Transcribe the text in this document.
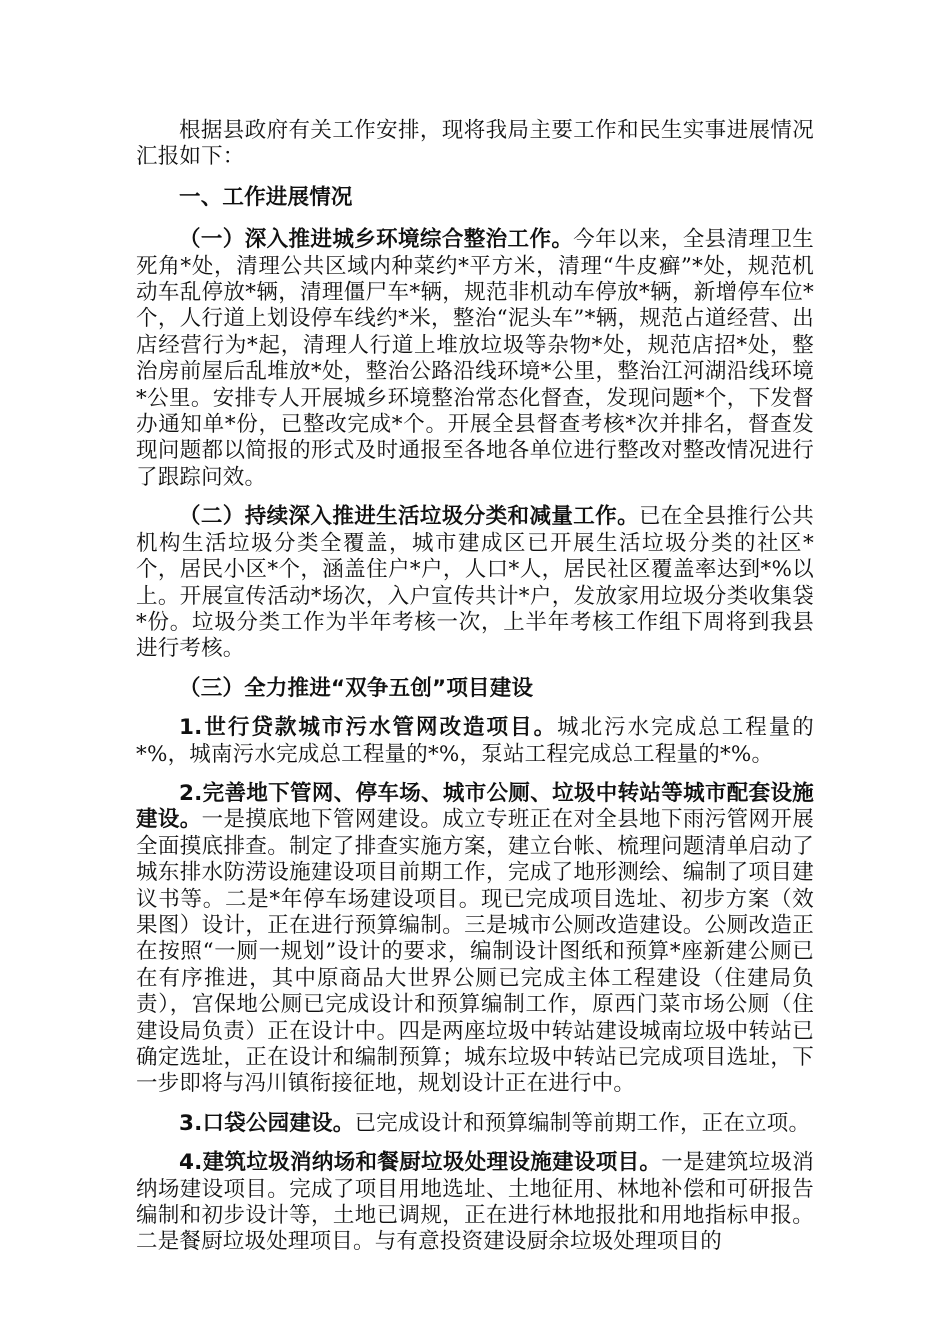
根据县政府有关工作安排，现将我局主要工作和民生实事进展情况汇报如下：

一、工作进展情况

（一）深入推进城乡环境综合整治工作。今年以来，全县清理卫生死角*处，清理公共区域内种菜约*平方米，清理“牛皮癣”*处，规范机动车乱停放*辆，清理僵尸车*辆，规范非机动车停放*辆，新增停车位*个，人行道上划设停车线约*米，整治“泥头车”*辆，规范占道经营、出店经营行为*起，清理人行道上堆放垃圾等杂物*处，规范店招*处，整治房前屋后乱堆放*处，整治公路沿线环境*公里，整治江河湖沿线环境*公里。安排专人开展城乡环境整治常态化督查，发现问题*个，下发督办通知单*份，已整改完成*个。开展全县督查考核*次并排名，督查发现问题都以简报的形式及时通报至各地各单位进行整改对整改情况进行了跟踪问效。

（二）持续深入推进生活垃圾分类和减量工作。已在全县推行公共机构生活垃圾分类全覆盖，城市建成区已开展生活垃圾分类的社区*个，居民小区*个，涵盖住户*户，人口*人，居民社区覆盖率达到*%以上。开展宣传活动*场次，入户宣传共计*户，发放家用垃圾分类收集袋*份。垃圾分类工作为半年考核一次，上半年考核工作组下周将到我县进行考核。

（三）全力推进“双争五创”项目建设

1.世行贷款城市污水管网改造项目。城北污水完成总工程量的*%，城南污水完成总工程量的*%，泵站工程完成总工程量的*%。

2.完善地下管网、停车场、城市公厕、垃圾中转站等城市配套设施建设。一是摸底地下管网建设。成立专班正在对全县地下雨污管网开展全面摸底排查。制定了排查实施方案，建立台帐、梳理问题清单启动了城东排水防涝设施建设项目前期工作，完成了地形测绘、编制了项目建议书等。二是*年停车场建设项目。现已完成项目选址、初步方案（效果图）设计，正在进行预算编制。三是城市公厕改造建设。公厕改造正在按照“一厕一规划”设计的要求，编制设计图纸和预算*座新建公厕已在有序推进，其中原商品大世界公厕已完成主体工程建设（住建局负责），宫保地公厕已完成设计和预算编制工作，原西门菜市场公厕（住建设局负责）正在设计中。四是两座垃圾中转站建设城南垃圾中转站已确定选址，正在设计和编制预算；城东垃圾中转站已完成项目选址，下一步即将与冯川镇衔接征地，规划设计正在进行中。

3.口袋公园建设。已完成设计和预算编制等前期工作，正在立项。

4.建筑垃圾消纳场和餐厨垃圾处理设施建设项目。一是建筑垃圾消纳场建设项目。完成了项目用地选址、土地征用、林地补偿和可研报告编制和初步设计等，土地已调规，正在进行林地报批和用地指标申报。二是餐厨垃圾处理项目。与有意投资建设厨余垃圾处理项目的
